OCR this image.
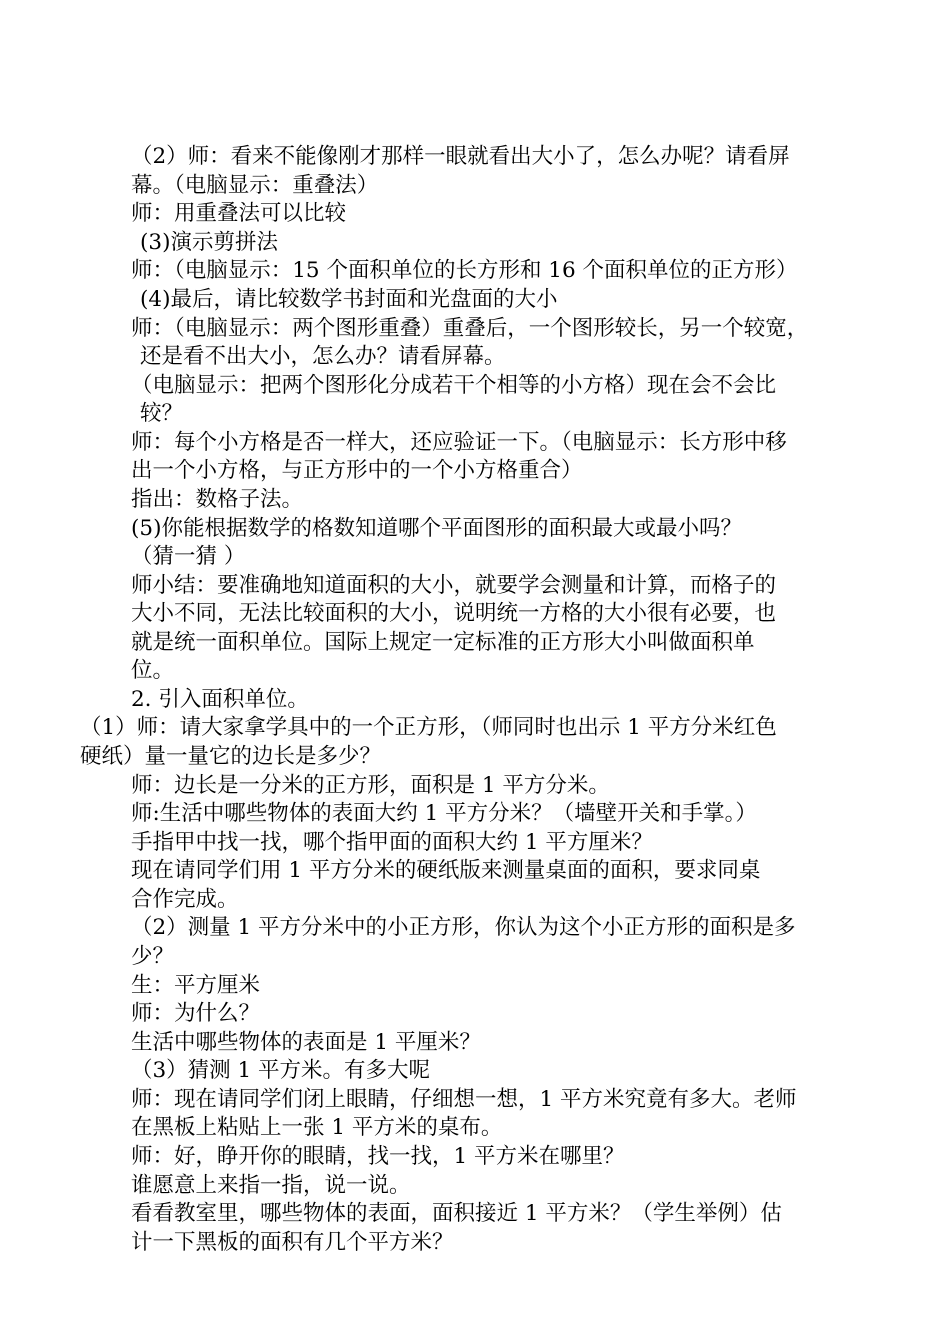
（2）师：看来不能像刚才那样一眼就看出大小了，怎么办呢？请看屏
幕。（电脑显示：重叠法）
师：用重叠法可以比较
(3)演示剪拼法
师：（电脑显示：15 个面积单位的长方形和 16 个面积单位的正方形）
(4)最后，请比较数学书封面和光盘面的大小
师：（电脑显示：两个图形重叠）重叠后，一个图形较长，另一个较宽，
还是看不出大小，怎么办？请看屏幕。
（电脑显示：把两个图形化分成若干个相等的小方格）现在会不会比
较？
师：每个小方格是否一样大，还应验证一下。（电脑显示：长方形中移
出一个小方格，与正方形中的一个小方格重合）
指出：数格子法。
(5)你能根据数学的格数知道哪个平面图形的面积最大或最小吗？
（猜一猜 ）
师小结：要准确地知道面积的大小，就要学会测量和计算，而格子的
大小不同，无法比较面积的大小，说明统一方格的大小很有必要，也
就是统一面积单位。国际上规定一定标准的正方形大小叫做面积单
位。
2. 引入面积单位。
（1）师：请大家拿学具中的一个正方形，（师同时也出示 1 平方分米红色
硬纸）量一量它的边长是多少？
师：边长是一分米的正方形，面积是 1 平方分米。
师:生活中哪些物体的表面大约 1 平方分米？（墙壁开关和手掌。）
手指甲中找一找，哪个指甲面的面积大约 1 平方厘米？
现在请同学们用 1 平方分米的硬纸版来测量桌面的面积，要求同桌
合作完成。
（2）测量 1 平方分米中的小正方形，你认为这个小正方形的面积是多
少？
生：平方厘米
师：为什么？
生活中哪些物体的表面是 1 平厘米？
（3）猜测 1 平方米。有多大呢
师：现在请同学们闭上眼睛，仔细想一想，1 平方米究竟有多大。老师
在黑板上粘贴上一张 1 平方米的桌布。
师：好，睁开你的眼睛，找一找，1 平方米在哪里？
谁愿意上来指一指，说一说。
看看教室里，哪些物体的表面，面积接近 1 平方米？（学生举例）估
计一下黑板的面积有几个平方米？
